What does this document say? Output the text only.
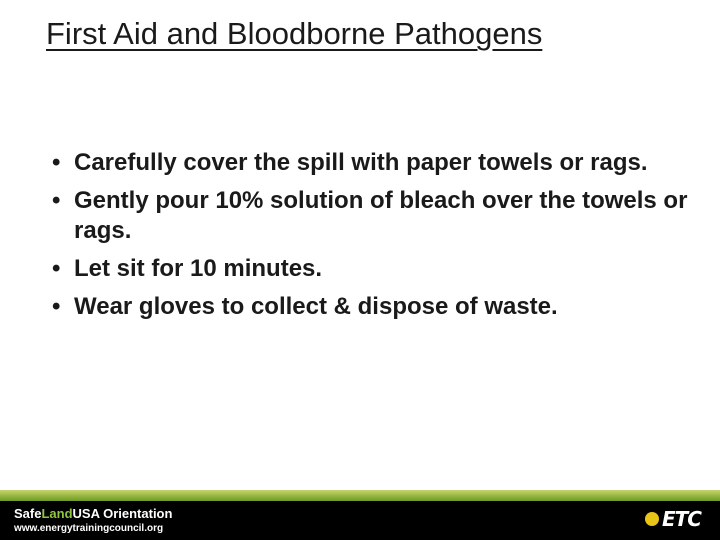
First Aid and Bloodborne Pathogens
• Carefully cover the spill with paper towels or rags.
• Gently pour 10% solution of bleach over the towels or rags.
• Let sit for 10 minutes.
• Wear gloves to collect & dispose of waste.
SafeLandUSA Orientation
www.energytrainingcouncil.org	ETC
